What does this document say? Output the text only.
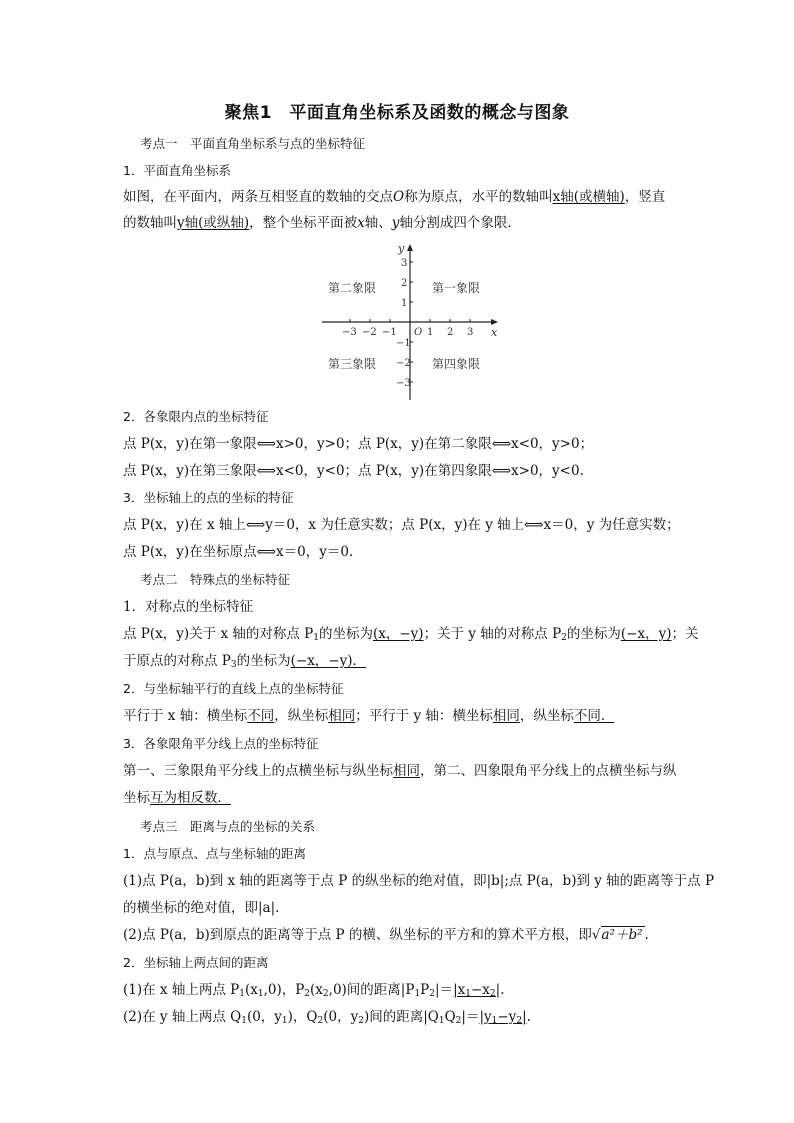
聚焦1　平面直角坐标系及函数的概念与图象
考点一　平面直角坐标系与点的坐标特征
1．平面直角坐标系
如图，在平面内，两条互相竖直的数轴的交点O称为原点，水平的数轴叫x轴(或横轴)，竖直
的数轴叫y轴(或纵轴)，整个坐标平面被x轴、y轴分割成四个象限．
x
y
O
−3 −2 −1	1 2 3
3
2
1
−1
−2
−3
第二象限	第一象限
第三象限	第四象限
2．各象限内点的坐标特征
点 P(x，y)在第一象限⟺x>0，y>0；点 P(x，y)在第二象限⟺x<0，y>0；
点 P(x，y)在第三象限⟺x<0，y<0；点 P(x，y)在第四象限⟺x>0，y<0.
3．坐标轴上的点的坐标的特征
点 P(x，y)在 x 轴上⟺y＝0，x 为任意实数；点 P(x，y)在 y 轴上⟺x＝0，y 为任意实数；
点 P(x，y)在坐标原点⟺x＝0，y＝0.
考点二　特殊点的坐标特征
1．对称点的坐标特征
点 P(x，y)关于 x 轴的对称点 $P_1$的坐标为(x，−y)；关于 y 轴的对称点 $P_2$的坐标为(−x，y)；关
于原点的对称点 $P_3$的坐标为(−x，−y)．
2．与坐标轴平行的直线上点的坐标特征
平行于 x 轴：横坐标不同，纵坐标相同；平行于 y 轴：横坐标相同，纵坐标不同．
3．各象限角平分线上点的坐标特征
第一、三象限角平分线上的点横坐标与纵坐标相同，第二、四象限角平分线上的点横坐标与纵
坐标互为相反数．
考点三　距离与点的坐标的关系
1．点与原点、点与坐标轴的距离
(1)点 P(a，b)到 x 轴的距离等于点 P 的纵坐标的绝对值，即|b|;点 P(a，b)到 y 轴的距离等于点 P
的横坐标的绝对值，即|a|.
(2)点 P(a，b)到原点的距离等于点 P 的横、纵坐标的平方和的算术平方根，即√a²＋b² .
2．坐标轴上两点间的距离
(1)在 x 轴上两点 $P_1(x_1,0)$，$P_2(x_2,0)$间的距离$|P_1P_2|=|x_1-x_2|$.
(2)在 y 轴上两点 $Q_1(0$，$y_1$)，$Q_2(0$，$y_2$)间的距离$|Q_1Q_2|=|y_1-y_2|$.
